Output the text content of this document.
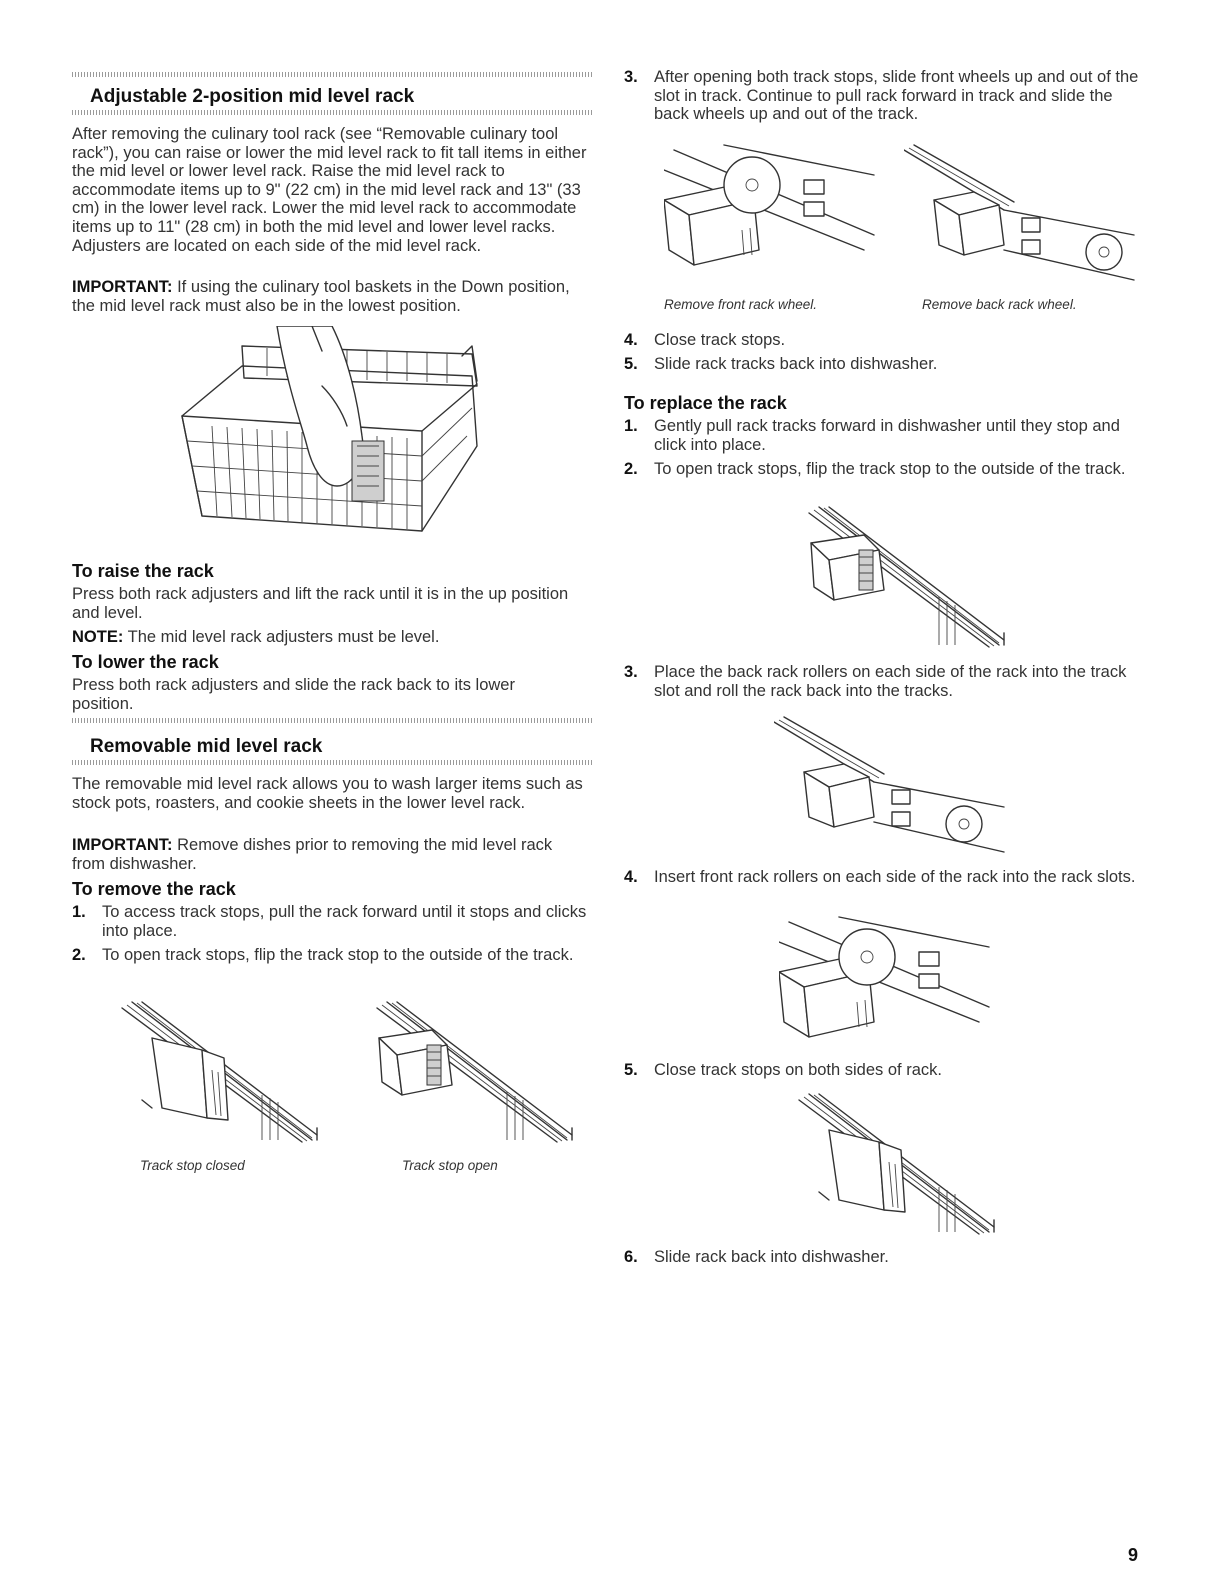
Adjustable 2-position mid level rack

After removing the culinary tool rack (see “Removable culinary tool rack”), you can raise or lower the mid level rack to fit tall items in either the mid level or lower level rack. Raise the mid level rack to accommodate items up to 9" (22 cm) in the mid level rack and 13" (33 cm) in the lower level rack. Lower the mid level rack to accommodate items up to 11" (28 cm) in both the mid level and lower level racks. Adjusters are located on each side of the mid level rack.

IMPORTANT: If using the culinary tool baskets in the Down position, the mid level rack must also be in the lowest position.

To raise the rack

Press both rack adjusters and lift the rack until it is in the up position and level.

NOTE: The mid level rack adjusters must be level.

To lower the rack

Press both rack adjusters and slide the rack back to its lower position.

Removable mid level rack

The removable mid level rack allows you to wash larger items such as stock pots, roasters, and cookie sheets in the lower level rack.

IMPORTANT: Remove dishes prior to removing the mid level rack from dishwasher.

To remove the rack
1. To access track stops, pull the rack forward until it stops and clicks into place.
2. To open track stops, flip the track stop to the outside of the track.

Track stop closed	Track stop open

3. After opening both track stops, slide front wheels up and out of the slot in track. Continue to pull rack forward in track and slide the back wheels up and out of the track.

Remove front rack wheel.	Remove back rack wheel.

4. Close track stops.
5. Slide rack tracks back into dishwasher.
To replace the rack
1. Gently pull rack tracks forward in dishwasher until they stop and click into place.
2. To open track stops, flip the track stop to the outside of the track.
3. Place the back rack rollers on each side of the rack into the track slot and roll the rack back into the tracks.
4. Insert front rack rollers on each side of the rack into the rack slots.
5. Close track stops on both sides of rack.
6. Slide rack back into dishwasher.
9
